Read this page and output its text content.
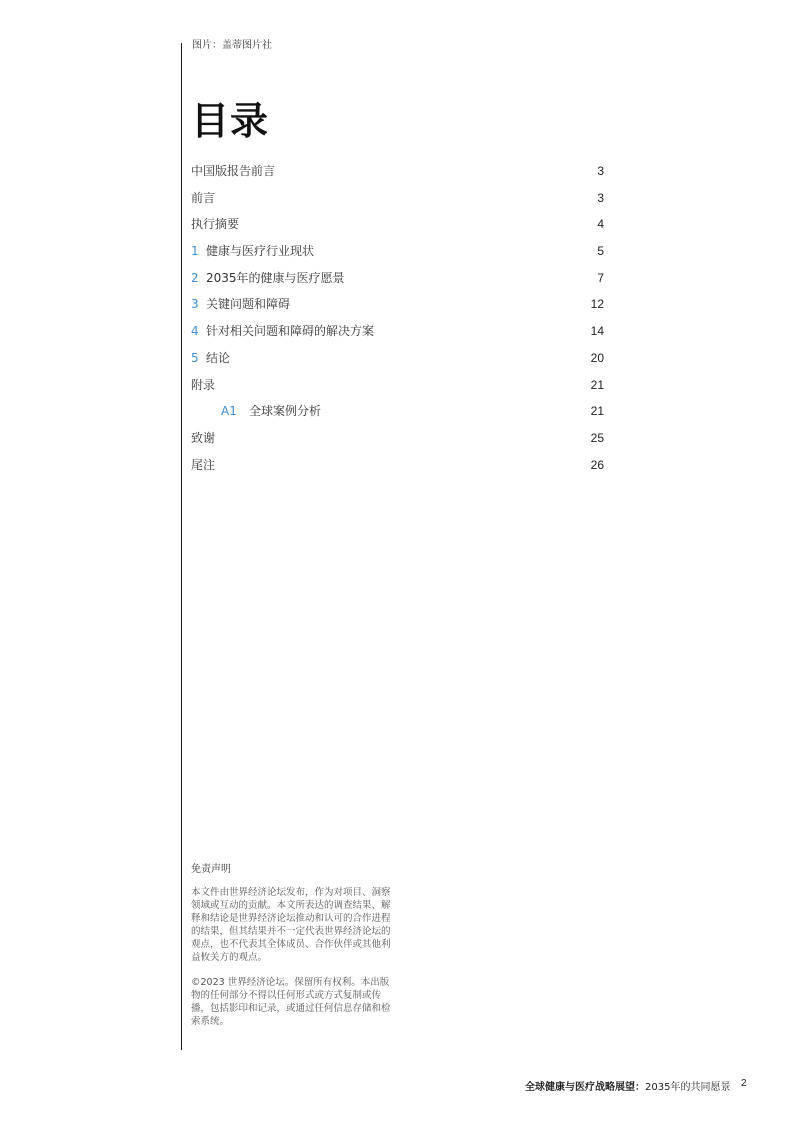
图片：盖蒂图片社
目录
中国版报告前言	3
前言	3
执行摘要	4
1 健康与医疗行业现状	5
2 2035年的健康与医疗愿景	7
3 关键问题和障碍	12
4 针对相关问题和障碍的解决方案	14
5 结论	20
附录	21
A1 全球案例分析	21
致谢	25
尾注	26
免责声明

本文件由世界经济论坛发布，作为对项目、洞察领域或互动的贡献。本文所表达的调查结果、解释和结论是世界经济论坛推动和认可的合作进程的结果，但其结果并不一定代表世界经济论坛的观点，也不代表其全体成员、合作伙伴或其他利益攸关方的观点。

©2023 世界经济论坛。保留所有权利。本出版物的任何部分不得以任何形式或方式复制或传播，包括影印和记录，或通过任何信息存储和检索系统。

全球健康与医疗战略展望：2035年的共同愿景 2
